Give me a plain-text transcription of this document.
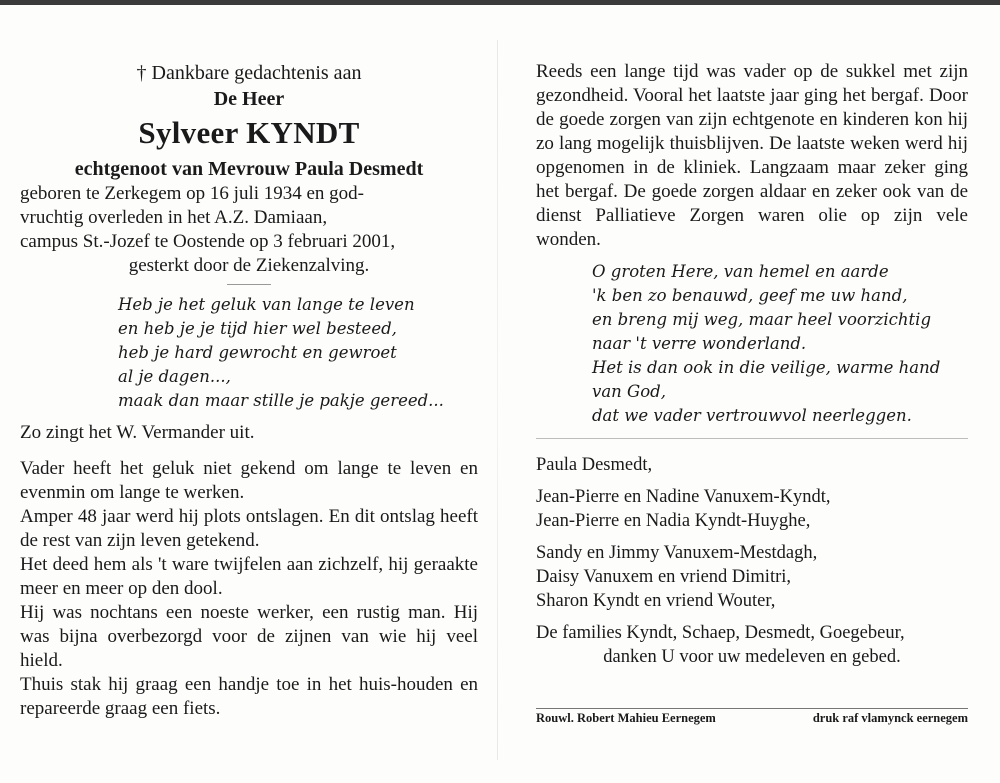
† Dankbare gedachtenis aan
De Heer
Sylveer KYNDT
echtgenoot van Mevrouw Paula Desmedt
geboren te Zerkegem op 16 juli 1934 en god-
vruchtig overleden in het A.Z. Damiaan,
campus St.-Jozef te Oostende op 3 februari 2001,
gesterkt door de Ziekenzalving.
Heb je het geluk van lange te leven
en heb je je tijd hier wel besteed,
heb je hard gewrocht en gewroet
al je dagen...,
maak dan maar stille je pakje gereed...

Zo zingt het W. Vermander uit.

Vader heeft het geluk niet gekend om lange te leven en evenmin om lange te werken.

Amper 48 jaar werd hij plots ontslagen. En dit ontslag heeft de rest van zijn leven getekend.

Het deed hem als 't ware twijfelen aan zichzelf, hij geraakte meer en meer op den dool.

Hij was nochtans een noeste werker, een rustig man. Hij was bijna overbezorgd voor de zijnen van wie hij veel hield.

Thuis stak hij graag een handje toe in het huis-houden en repareerde graag een fiets.

Reeds een lange tijd was vader op de sukkel met zijn gezondheid. Vooral het laatste jaar ging het bergaf. Door de goede zorgen van zijn echtgenote en kinderen kon hij zo lang mogelijk thuisblijven. De laatste weken werd hij opgenomen in de kliniek. Langzaam maar zeker ging het bergaf. De goede zorgen aldaar en zeker ook van de dienst Palliatieve Zorgen waren olie op zijn vele wonden.

O groten Here, van hemel en aarde
'k ben zo benauwd, geef me uw hand,
en breng mij weg, maar heel voorzichtig
naar 't verre wonderland.
Het is dan ook in die veilige, warme hand
van God,
dat we vader vertrouwvol neerleggen.
Paula Desmedt,
Jean-Pierre en Nadine Vanuxem-Kyndt,
Jean-Pierre en Nadia Kyndt-Huyghe,
Sandy en Jimmy Vanuxem-Mestdagh,
Daisy Vanuxem en vriend Dimitri,
Sharon Kyndt en vriend Wouter,
De families Kyndt, Schaep, Desmedt, Goegebeur,
danken U voor uw medeleven en gebed.
Rouwl. Robert Mahieu Eernegem	druk raf vlamynck eernegem
